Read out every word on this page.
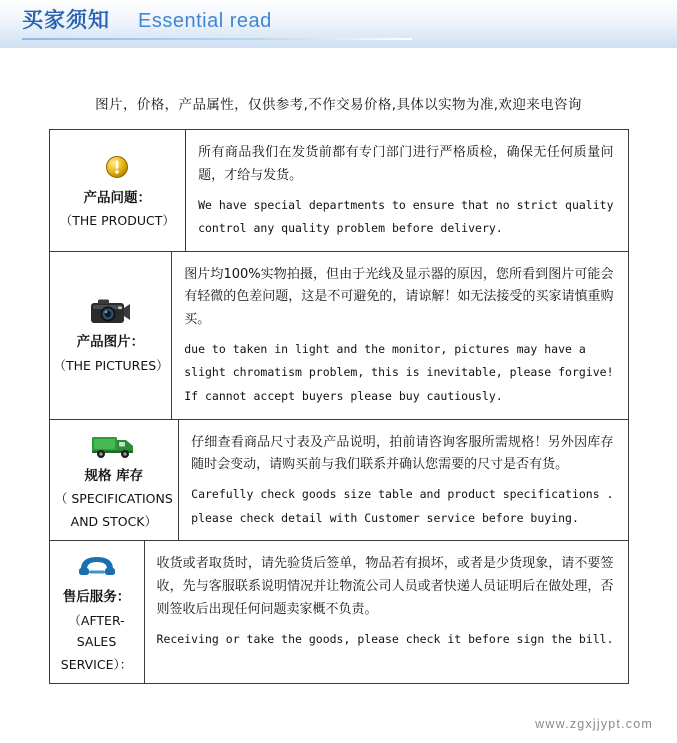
买家须知 Essential read
图片，价格，产品属性，仅供参考,不作交易价格,具体以实物为准,欢迎来电咨询
产品问题：
（THE PRODUCT）
所有商品我们在发货前都有专门部门进行严格质检，确保无任何质量问题，才给与发货。
We have special departments to ensure that no strict quality
control any quality problem before delivery.
产品图片：
（THE PICTURES）
图片均100%实物拍摄，但由于光线及显示器的原因，您所看到图片可能会有轻微的色差问题，这是不可避免的，请谅解！如无法接受的买家请慎重购买。
due to taken in light and the monitor, pictures may have a
slight chromatism problem, this is inevitable, please forgive!
If cannot accept buyers please buy cautiously.
规格 库存
（ SPECIFICATIONS
AND STOCK）
仔细查看商品尺寸表及产品说明，拍前请咨询客服所需规格！另外因库存随时会变动，请购买前与我们联系并确认您需要的尺寸是否有货。
Carefully check goods size table and product specifications .
please check detail with Customer service before buying.
售后服务：
（AFTER-SALES
SERVICE）：
收货或者取货时，请先验货后签单，物品若有损坏，或者是少货现象，请不要签收，先与客服联系说明情况并让物流公司人员或者快递人员证明后在做处理，否则签收后出现任何问题卖家概不负责。
Receiving or take the goods, please check it before sign the bill.
www.zgxjjypt.com
